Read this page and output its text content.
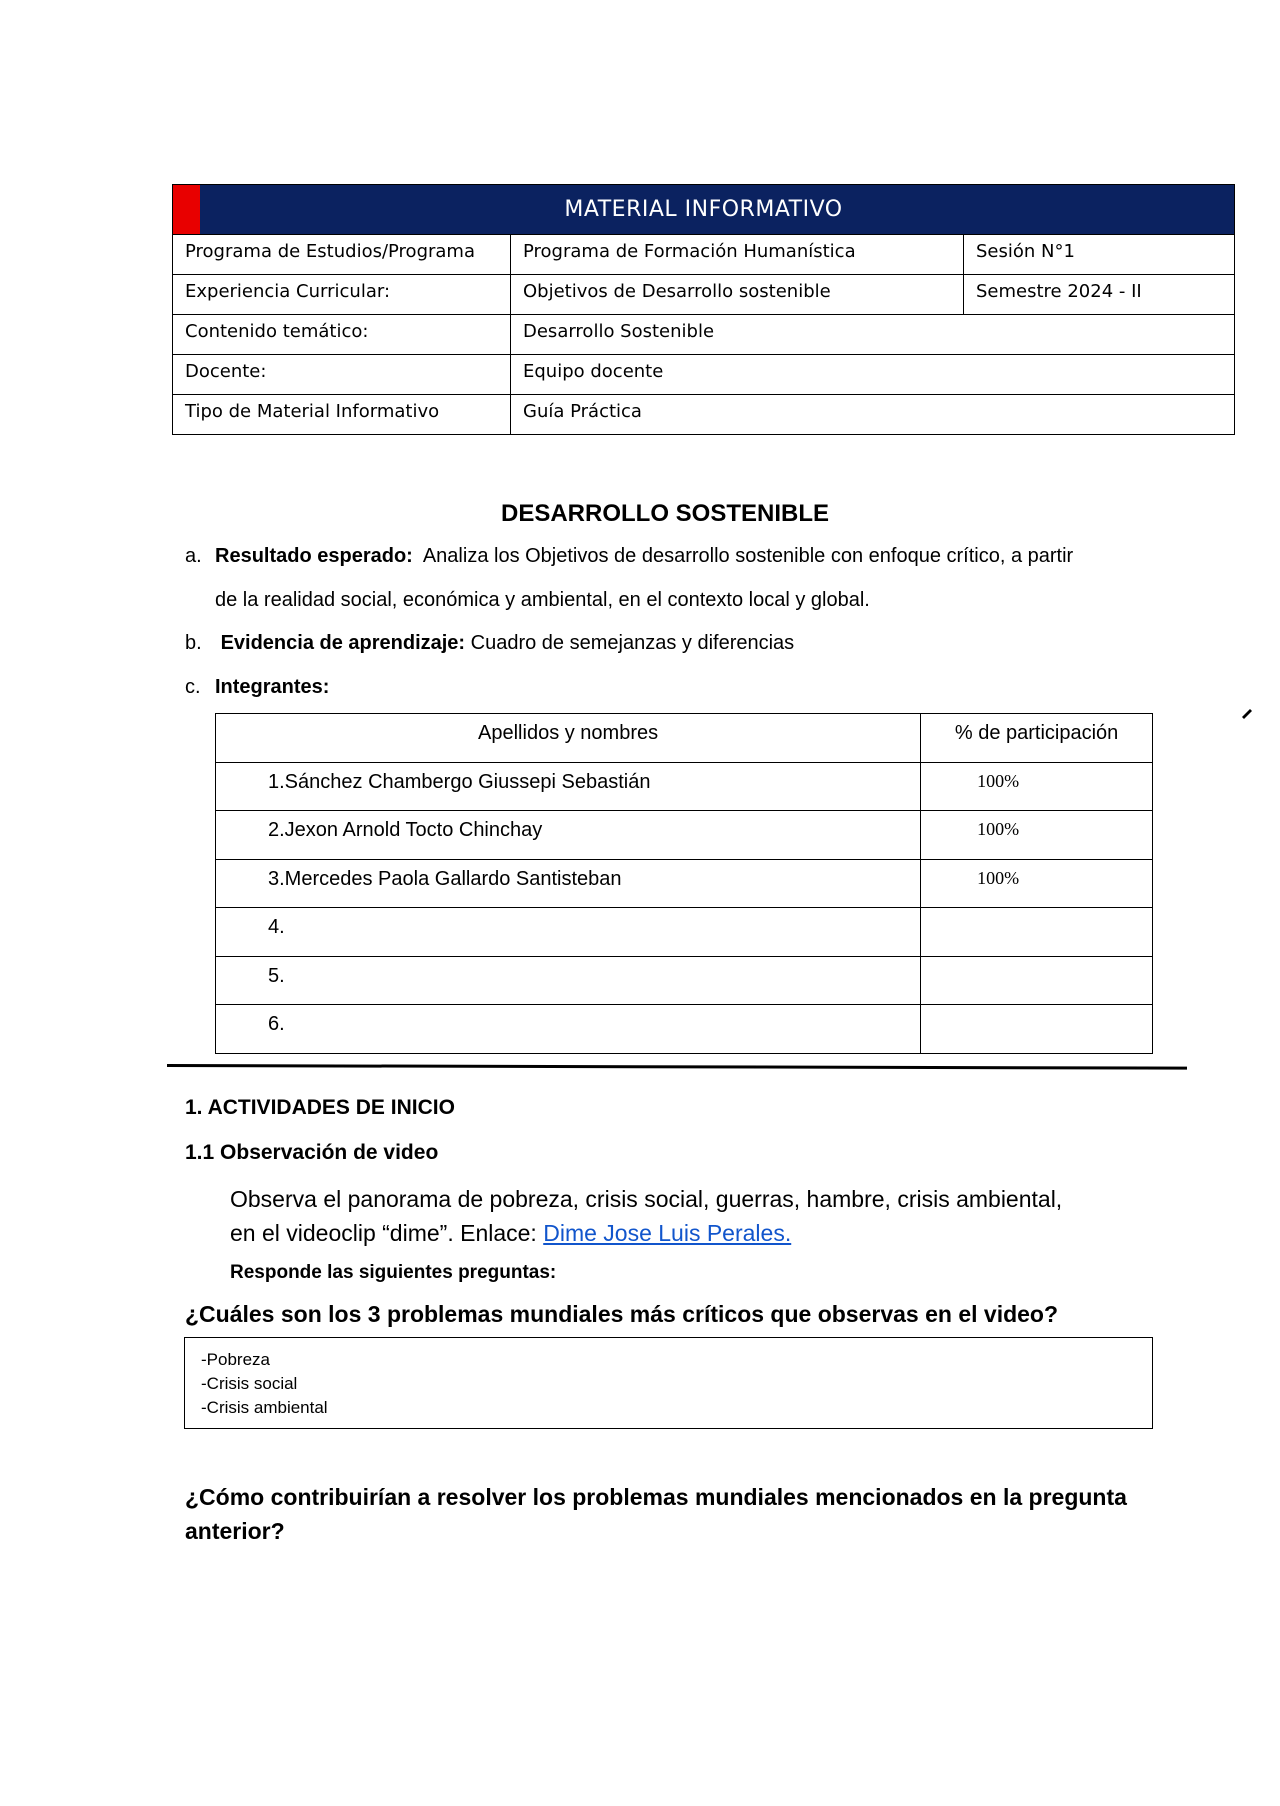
MATERIAL INFORMATIVO		
Programa de Estudios/Programa	Programa de Formación Humanística	Sesión N°1
Experiencia Curricular:	Objetivos de Desarrollo sostenible	Semestre 2024 - II
Contenido temático:	Desarrollo Sostenible	
Docente:	Equipo docente	
Tipo de Material Informativo	Guía Práctica	
DESARROLLO SOSTENIBLE
a. Resultado esperado: Analiza los Objetivos de desarrollo sostenible con enfoque crítico, a partir
de la realidad social, económica y ambiental, en el contexto local y global.
b. Evidencia de aprendizaje: Cuadro de semejanzas y diferencias
c. Integrantes:
Apellidos y nombres	% de participación
1.Sánchez Chambergo Giussepi Sebastián	100%
2.Jexon Arnold Tocto Chinchay	100%
3.Mercedes Paola Gallardo Santisteban	100%
4.	
5.	
6.	
1. ACTIVIDADES DE INICIO
1.1 Observación de video
Observa el panorama de pobreza, crisis social, guerras, hambre, crisis ambiental,
en el videoclip “dime”. Enlace: Dime Jose Luis Perales.
Responde las siguientes preguntas:
¿Cuáles son los 3 problemas mundiales más críticos que observas en el video?
-Pobreza
-Crisis social
-Crisis ambiental
¿Cómo contribuirían a resolver los problemas mundiales mencionados en la pregunta
anterior?
